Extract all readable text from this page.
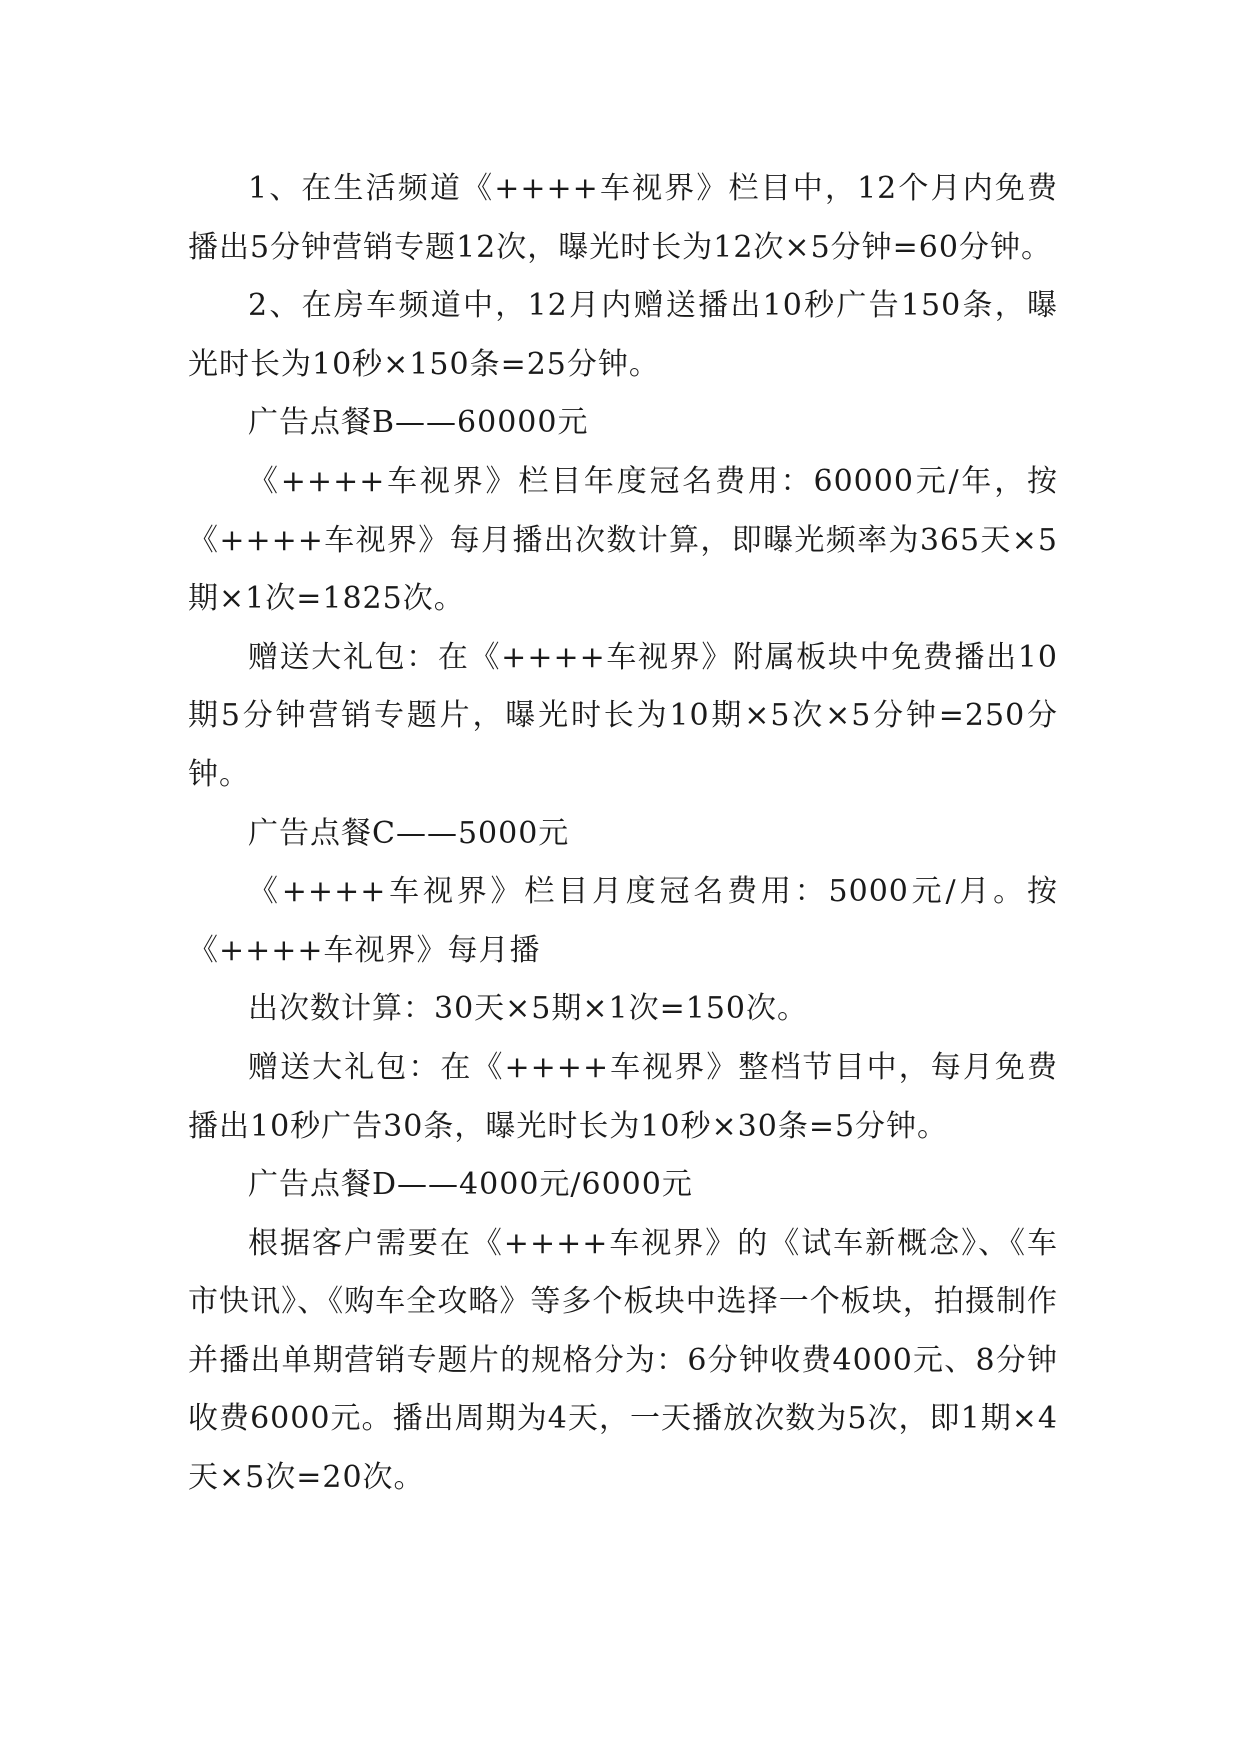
1、在生活频道《++++车视界》栏目中，12个月内免费播出5分钟营销专题12次，曝光时长为12次×5分钟=60分钟。

2、在房车频道中，12月内赠送播出10秒广告150条，曝光时长为10秒×150条=25分钟。

广告点餐B——60000元

《++++车视界》栏目年度冠名费用：60000元/年，按《++++车视界》每月播出次数计算，即曝光频率为365天×5期×1次=1825次。

赠送大礼包：在《++++车视界》附属板块中免费播出10期5分钟营销专题片，曝光时长为10期×5次×5分钟=250分钟。

广告点餐C——5000元

《++++车视界》栏目月度冠名费用：5000元/月。按《++++车视界》每月播

出次数计算：30天×5期×1次=150次。

赠送大礼包：在《++++车视界》整档节目中，每月免费播出10秒广告30条，曝光时长为10秒×30条=5分钟。

广告点餐D——4000元/6000元

根据客户需要在《++++车视界》的《试车新概念》、《车市快讯》、《购车全攻略》等多个板块中选择一个板块，拍摄制作并播出单期营销专题片的规格分为：6分钟收费4000元、8分钟收费6000元。播出周期为4天，一天播放次数为5次，即1期×4天×5次=20次。
